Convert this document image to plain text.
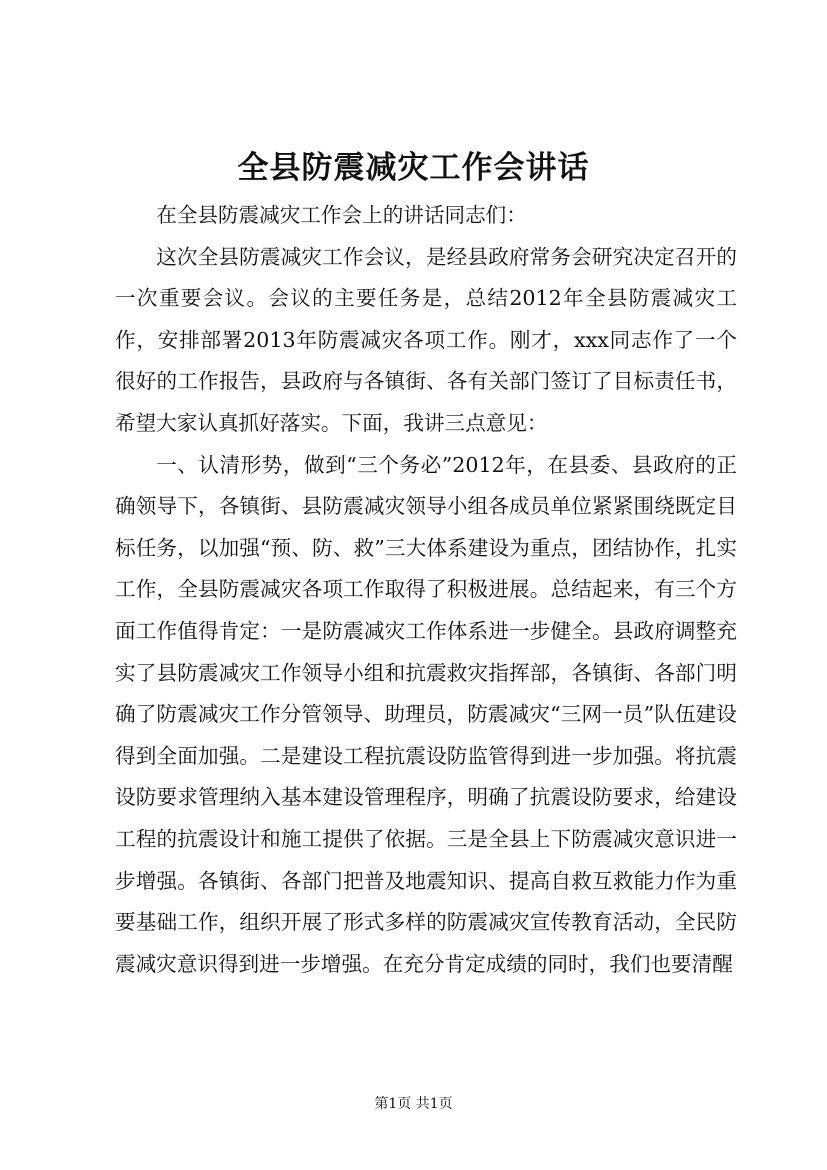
全县防震减灾工作会讲话

在全县防震减灾工作会上的讲话同志们：

这次全县防震减灾工作会议，是经县政府常务会研究决定召开的一次重要会议。会议的主要任务是，总结2012年全县防震减灾工作，安排部署2013年防震减灾各项工作。刚才，xxx同志作了一个很好的工作报告，县政府与各镇街、各有关部门签订了目标责任书，希望大家认真抓好落实。下面，我讲三点意见：

一、认清形势，做到“三个务必”2012年，在县委、县政府的正确领导下，各镇街、县防震减灾领导小组各成员单位紧紧围绕既定目标任务，以加强“预、防、救”三大体系建设为重点，团结协作，扎实工作，全县防震减灾各项工作取得了积极进展。总结起来，有三个方面工作值得肯定：一是防震减灾工作体系进一步健全。县政府调整充实了县防震减灾工作领导小组和抗震救灾指挥部，各镇街、各部门明确了防震减灾工作分管领导、助理员，防震减灾“三网一员”队伍建设得到全面加强。二是建设工程抗震设防监管得到进一步加强。将抗震设防要求管理纳入基本建设管理程序，明确了抗震设防要求，给建设工程的抗震设计和施工提供了依据。三是全县上下防震减灾意识进一步增强。各镇街、各部门把普及地震知识、提高自救互救能力作为重要基础工作，组织开展了形式多样的防震减灾宣传教育活动，全民防震减灾意识得到进一步增强。在充分肯定成绩的同时，我们也要清醒

第1页 共1页
